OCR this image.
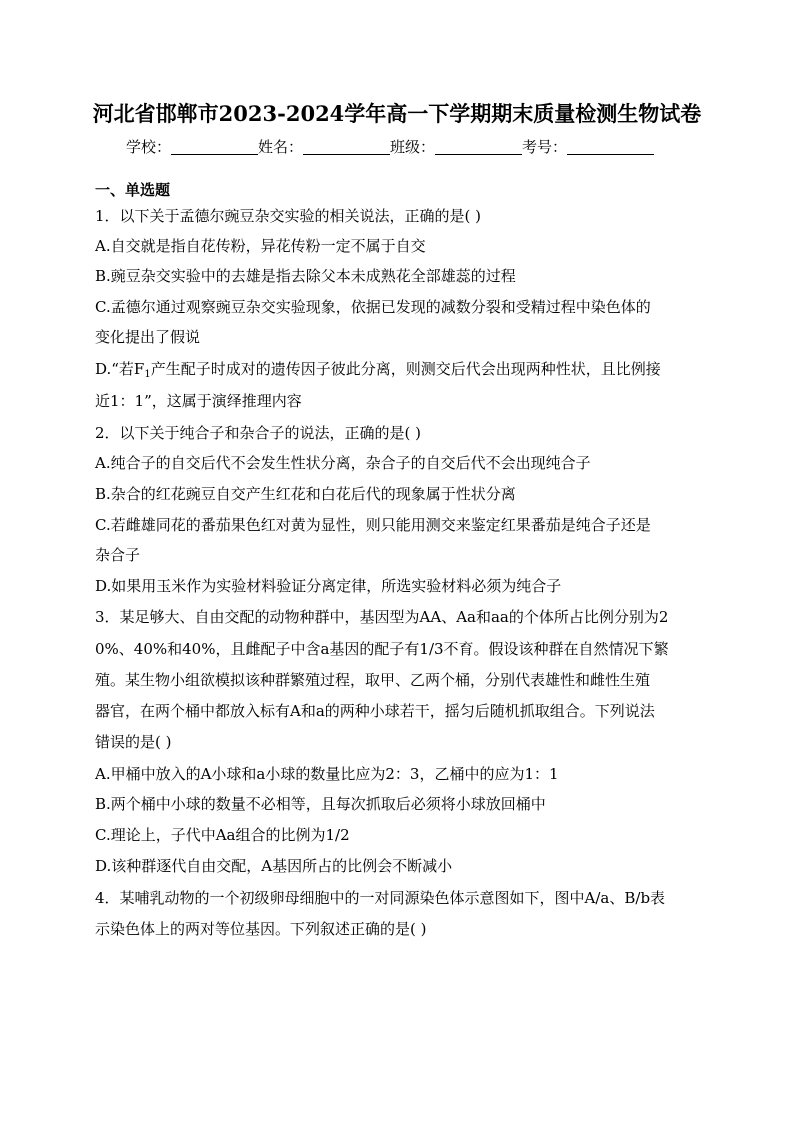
河北省邯郸市2023-2024学年高一下学期期末质量检测生物试卷
学校：	姓名：	班级：	考号：
一、单选题
1．以下关于孟德尔豌豆杂交实验的相关说法，正确的是( )
A.自交就是指自花传粉，异花传粉一定不属于自交
B.豌豆杂交实验中的去雄是指去除父本未成熟花全部雄蕊的过程
C.孟德尔通过观察豌豆杂交实验现象，依据已发现的减数分裂和受精过程中染色体的
变化提出了假说
D.“若$F_1$产生配子时成对的遗传因子彼此分离，则测交后代会出现两种性状，且比例接
近1：1”，这属于演绎推理内容
2．以下关于纯合子和杂合子的说法，正确的是( )
A.纯合子的自交后代不会发生性状分离，杂合子的自交后代不会出现纯合子
B.杂合的红花豌豆自交产生红花和白花后代的现象属于性状分离
C.若雌雄同花的番茄果色红对黄为显性，则只能用测交来鉴定红果番茄是纯合子还是
杂合子
D.如果用玉米作为实验材料验证分离定律，所选实验材料必须为纯合子
3．某足够大、自由交配的动物种群中，基因型为AA、Aa和aa的个体所占比例分别为2
0%、40%和40%，且雌配子中含a基因的配子有1/3不育。假设该种群在自然情况下繁
殖。某生物小组欲模拟该种群繁殖过程，取甲、乙两个桶，分别代表雄性和雌性生殖
器官，在两个桶中都放入标有A和a的两种小球若干，摇匀后随机抓取组合。下列说法
错误的是( )
A.甲桶中放入的A小球和a小球的数量比应为2：3，乙桶中的应为1：1
B.两个桶中小球的数量不必相等，且每次抓取后必须将小球放回桶中
C.理论上，子代中Aa组合的比例为1/2
D.该种群逐代自由交配，A基因所占的比例会不断减小
4．某哺乳动物的一个初级卵母细胞中的一对同源染色体示意图如下，图中A/a、B/b表
示染色体上的两对等位基因。下列叙述正确的是( )
